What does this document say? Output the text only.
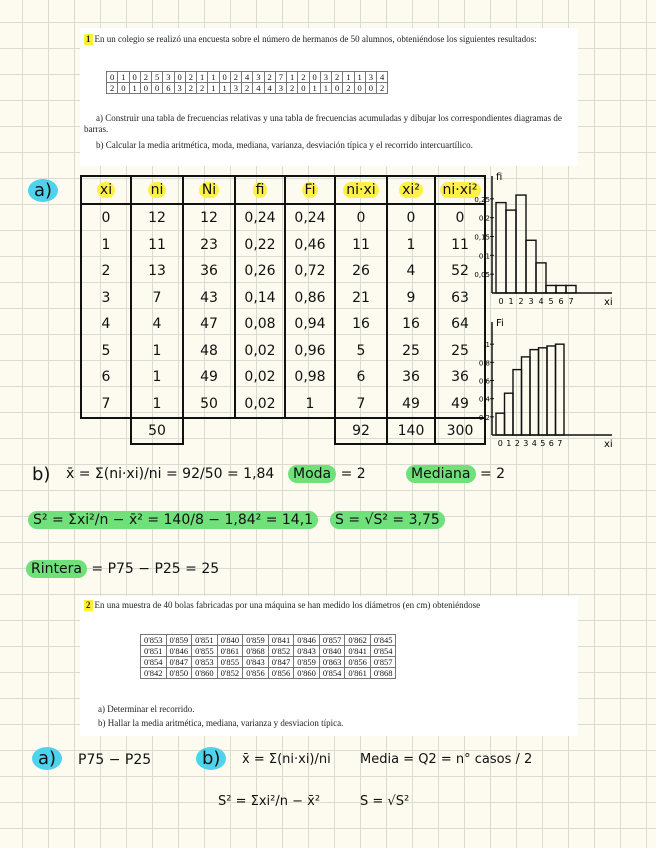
1 En un colegio se realizó una encuesta sobre el número de hermanos de 50 alumnos, obteniéndose los siguientes resultados:
0	1	0	2	5	3	0	2	1	1	0	2	4	3	2	7	1	2	0	3	2	1	1	3	4
2	0	1	0	0	6	3	2	2	1	1	3	2	4	4	3	2	0	1	1	0	2	0	0	2
a) Construir una tabla de frecuencias relativas y una tabla de frecuencias acumuladas y dibujar los correspondientes diagramas de barras.
b) Calcular la media aritmética, moda, mediana, varianza, desviación típica y el recorrido intercuartílico.
a)	xi	ni	Ni	fi	Fi	ni·xi	xi²	ni·xi²
0	12	12	0,24	0,24	0	0	0
1	11	23	0,22	0,46	11	1	11
2	13	36	0,26	0,72	26	4	52
3	7	43	0,14	0,86	21	9	63
4	4	47	0,08	0,94	16	16	64
5	1	48	0,02	0,96	5	25	25
6	1	49	0,02	0,98	6	36	36
7	1	50	0,02	1	7	49	49
	50				92	140	300
fi
xi
0,05
0,1
0,15
0,2
0,25
0 1 2 3 4 5 6 7
Fi
xi
0,2
0,4
0,6
0,8
1
0 1 2 3 4 5 6 7
b) x̄ = Σ(ni·xi)/ni = 92/50 = 1,84	Moda = 2	Mediana = 2
S² = Σxi²/n − x̄² = 140/8 − 1,84² = 14,1	S = √S² = 3,75
Rintera = P75 − P25 = 25
2 En una muestra de 40 bolas fabricadas por una máquina se han medido los diámetros (en cm) obteniéndose
0'853	0'859	0'851	0'840	0'859	0'841	0'846	0'857	0'862	0'845
0'851	0'846	0'855	0'861	0'868	0'852	0'843	0'840	0'841	0'854
0'854	0'847	0'853	0'855	0'843	0'847	0'859	0'863	0'856	0'857
0'842	0'850	0'860	0'852	0'856	0'856	0'860	0'854	0'861	0'868
a) Determinar el recorrido.
b) Hallar la media aritmética, mediana, varianza y desviacion típica.
a)	P75 − P25	b)	x̄ = Σ(ni·xi)/ni Media = Q2 = n° casos / 2
S² = Σxi²/n − x̄²	S = √S²
